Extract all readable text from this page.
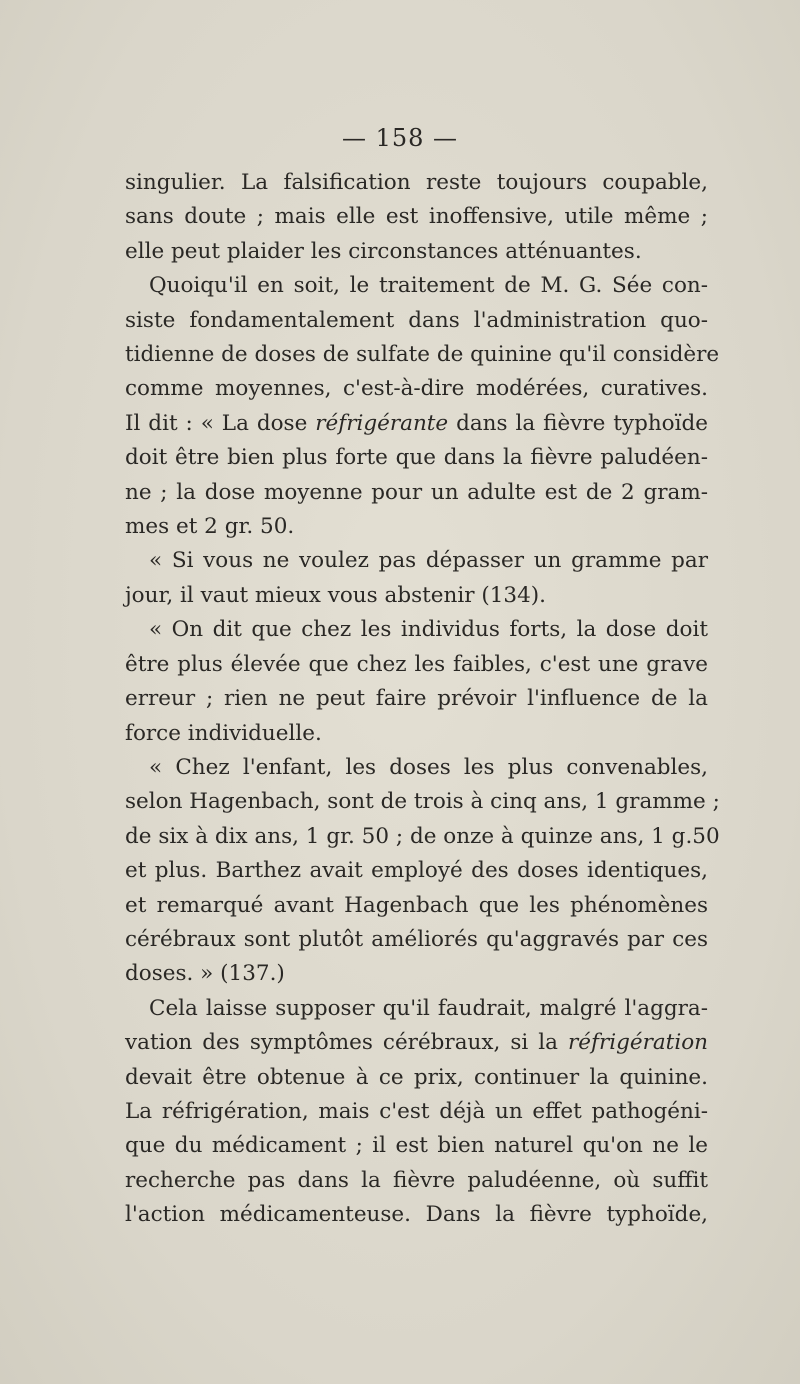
— 158 —
singulier. La falsification reste toujours coupable,
sans doute ; mais elle est inoffensive, utile même ;
elle peut plaider les circonstances atténuantes.
Quoiqu'il en soit, le traitement de M. G. Sée con-
siste fondamentalement dans l'administration quo-
tidienne de doses de sulfate de quinine qu'il considère
comme moyennes, c'est-à-dire modérées, curatives.
Il dit : « La dose réfrigérante dans la fièvre typhoïde
doit être bien plus forte que dans la fièvre paludéen-
ne ; la dose moyenne pour un adulte est de 2 gram-
mes et 2 gr. 50.
« Si vous ne voulez pas dépasser un gramme par
jour, il vaut mieux vous abstenir (134).
« On dit que chez les individus forts, la dose doit
être plus élevée que chez les faibles, c'est une grave
erreur ; rien ne peut faire prévoir l'influence de la
force individuelle.
« Chez l'enfant, les doses les plus convenables,
selon Hagenbach, sont de trois à cinq ans, 1 gramme ;
de six à dix ans, 1 gr. 50 ; de onze à quinze ans, 1 g.50
et plus. Barthez avait employé des doses identiques,
et remarqué avant Hagenbach que les phénomènes
cérébraux sont plutôt améliorés qu'aggravés par ces
doses. » (137.)
Cela laisse supposer qu'il faudrait, malgré l'aggra-
vation des symptômes cérébraux, si la réfrigération
devait être obtenue à ce prix, continuer la quinine.
La réfrigération, mais c'est déjà un effet pathogéni-
que du médicament ; il est bien naturel qu'on ne le
recherche pas dans la fièvre paludéenne, où suffit
l'action médicamenteuse. Dans la fièvre typhoïde,
